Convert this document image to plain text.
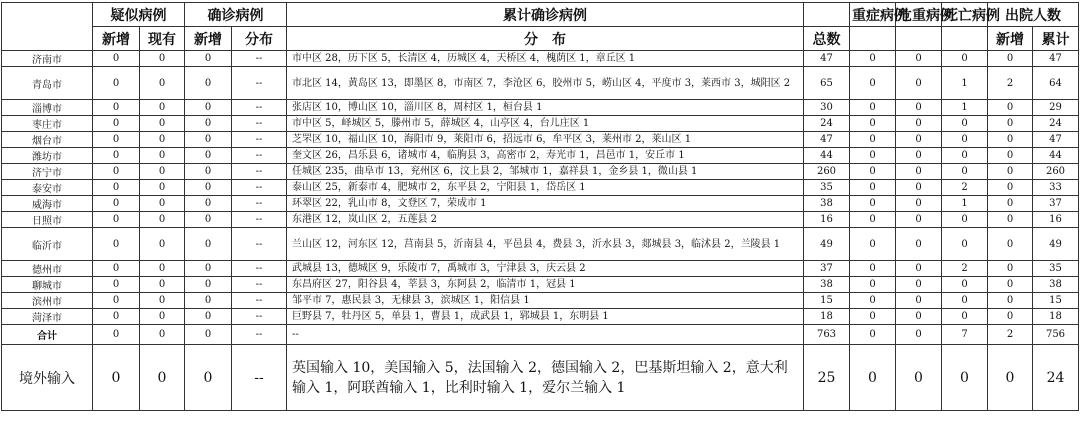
	疑似病例		确诊病例		累计确诊病例		重症病例	危重病例	死亡病例	出院人数	
	新增	现有	新增	分布	分　布	总数				新增	累计
济南市	0	0	0	--	市中区 28，历下区 5，长清区 4，历城区 4，天桥区 4，槐荫区 1，章丘区 1	47	0	0	0	0	47
青岛市	0	0	0	--	市北区 14，黄岛区 13，即墨区 8，市南区 7，李沧区 6，胶州市 5，崂山区 4，平度市 3，莱西市 3，城阳区 2	65	0	0	1	2	64
淄博市	0	0	0	--	张店区 10，博山区 10，淄川区 8，周村区 1，桓台县 1	30	0	0	1	0	29
枣庄市	0	0	0	--	市中区 5，峄城区 5，滕州市 5，薛城区 4，山亭区 4，台儿庄区 1	24	0	0	0	0	24
烟台市	0	0	0	--	芝罘区 10，福山区 10，海阳市 9，莱阳市 6，招远市 6，牟平区 3，莱州市 2，莱山区 1	47	0	0	0	0	47
潍坊市	0	0	0	--	奎文区 26，昌乐县 6，诸城市 4，临朐县 3，高密市 2，寿光市 1，昌邑市 1，安丘市 1	44	0	0	0	0	44
济宁市	0	0	0	--	任城区 235，曲阜市 13，兖州区 6，汶上县 2，邹城市 1，嘉祥县 1，金乡县 1，微山县 1	260	0	0	0	0	260
泰安市	0	0	0	--	泰山区 25，新泰市 4，肥城市 2，东平县 2，宁阳县 1，岱岳区 1	35	0	0	2	0	33
威海市	0	0	0	--	环翠区 22，乳山市 8，文登区 7，荣成市 1	38	0	0	1	0	37
日照市	0	0	0	--	东港区 12，岚山区 2，五莲县 2	16	0	0	0	0	16
临沂市	0	0	0	--	兰山区 12，河东区 12，莒南县 5，沂南县 4，平邑县 4，费县 3，沂水县 3，郯城县 3，临沭县 2，兰陵县 1	49	0	0	0	0	49
德州市	0	0	0	--	武城县 13，德城区 9，乐陵市 7，禹城市 3，宁津县 3，庆云县 2	37	0	0	2	0	35
聊城市	0	0	0	--	东昌府区 27，阳谷县 4，莘县 3，东阿县 2，临清市 1，冠县 1	38	0	0	0	0	38
滨州市	0	0	0	--	邹平市 7，惠民县 3，无棣县 3，滨城区 1，阳信县 1	15	0	0	0	0	15
菏泽市	0	0	0	--	巨野县 7，牡丹区 5，单县 1，曹县 1，成武县 1，郓城县 1，东明县 1	18	0	0	0	0	18
合计	0	0	0	--	--	763	0	0	7	2	756
境外输入	0	0	0	--	英国输入 10，美国输入 5，法国输入 2，德国输入 2，巴基斯坦输入 2，意大利输入 1，阿联酋输入 1，比利时输入 1，爱尔兰输入 1	25	0	0	0	0	24
